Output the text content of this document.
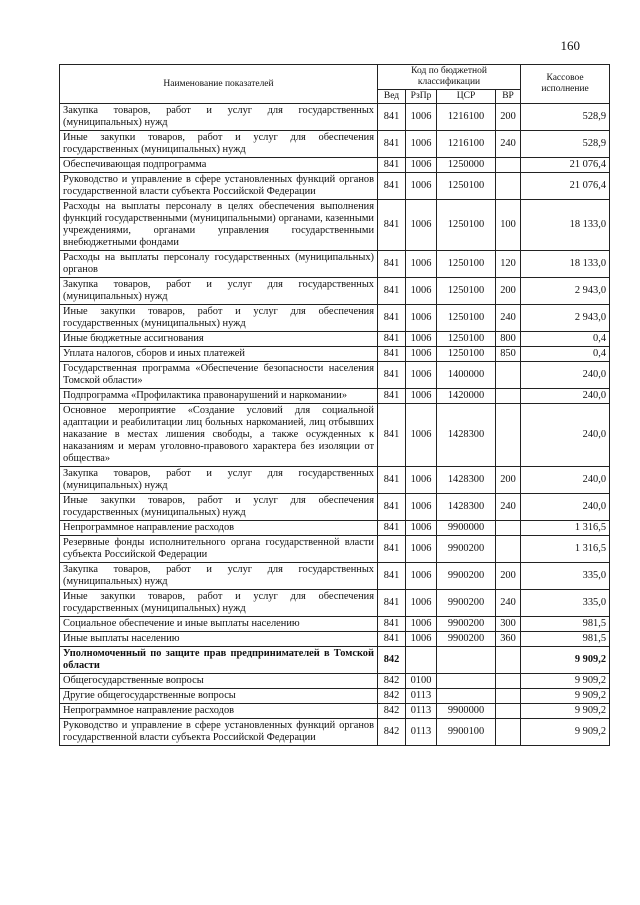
160
Наименование показателей	Код по бюджетной классификации				Кассовое исполнение
	Вед	РзПр	ЦСР	ВР	
Закупка товаров, работ и услуг для государственных (муниципальных) нужд	841	1006	1216100	200	528,9
Иные закупки товаров, работ и услуг для обеспечения государственных (муниципальных) нужд	841	1006	1216100	240	528,9
Обеспечивающая подпрограмма	841	1006	1250000		21 076,4
Руководство и управление в сфере установленных функций органов государственной власти субъекта Российской Федерации	841	1006	1250100		21 076,4
Расходы на выплаты персоналу в целях обеспечения выполнения функций государственными (муниципальными) органами, казенными учреждениями, органами управления государственными внебюджетными фондами	841	1006	1250100	100	18 133,0
Расходы на выплаты персоналу государственных (муниципальных) органов	841	1006	1250100	120	18 133,0
Закупка товаров, работ и услуг для государственных (муниципальных) нужд	841	1006	1250100	200	2 943,0
Иные закупки товаров, работ и услуг для обеспечения государственных (муниципальных) нужд	841	1006	1250100	240	2 943,0
Иные бюджетные ассигнования	841	1006	1250100	800	0,4
Уплата налогов, сборов и иных платежей	841	1006	1250100	850	0,4
Государственная программа «Обеспечение безопасности населения Томской области»	841	1006	1400000		240,0
Подпрограмма «Профилактика правонарушений и наркомании»	841	1006	1420000		240,0
Основное мероприятие «Создание условий для социальной адаптации и реабилитации лиц больных наркоманией, лиц отбывших наказание в местах лишения свободы, а также осужденных к наказаниям и мерам уголовно-правового характера без изоляции от общества»	841	1006	1428300		240,0
Закупка товаров, работ и услуг для государственных (муниципальных) нужд	841	1006	1428300	200	240,0
Иные закупки товаров, работ и услуг для обеспечения государственных (муниципальных) нужд	841	1006	1428300	240	240,0
Непрограммное направление расходов	841	1006	9900000		1 316,5
Резервные фонды исполнительного органа государственной власти субъекта Российской Федерации	841	1006	9900200		1 316,5
Закупка товаров, работ и услуг для государственных (муниципальных) нужд	841	1006	9900200	200	335,0
Иные закупки товаров, работ и услуг для обеспечения государственных (муниципальных) нужд	841	1006	9900200	240	335,0
Социальное обеспечение и иные выплаты населению	841	1006	9900200	300	981,5
Иные выплаты населению	841	1006	9900200	360	981,5
Уполномоченный по защите прав предпринимателей в Томской области	842				9 909,2
Общегосударственные вопросы	842	0100			9 909,2
Другие общегосударственные вопросы	842	0113			9 909,2
Непрограммное направление расходов	842	0113	9900000		9 909,2
Руководство и управление в сфере установленных функций органов государственной власти субъекта Российской Федерации	842	0113	9900100		9 909,2
